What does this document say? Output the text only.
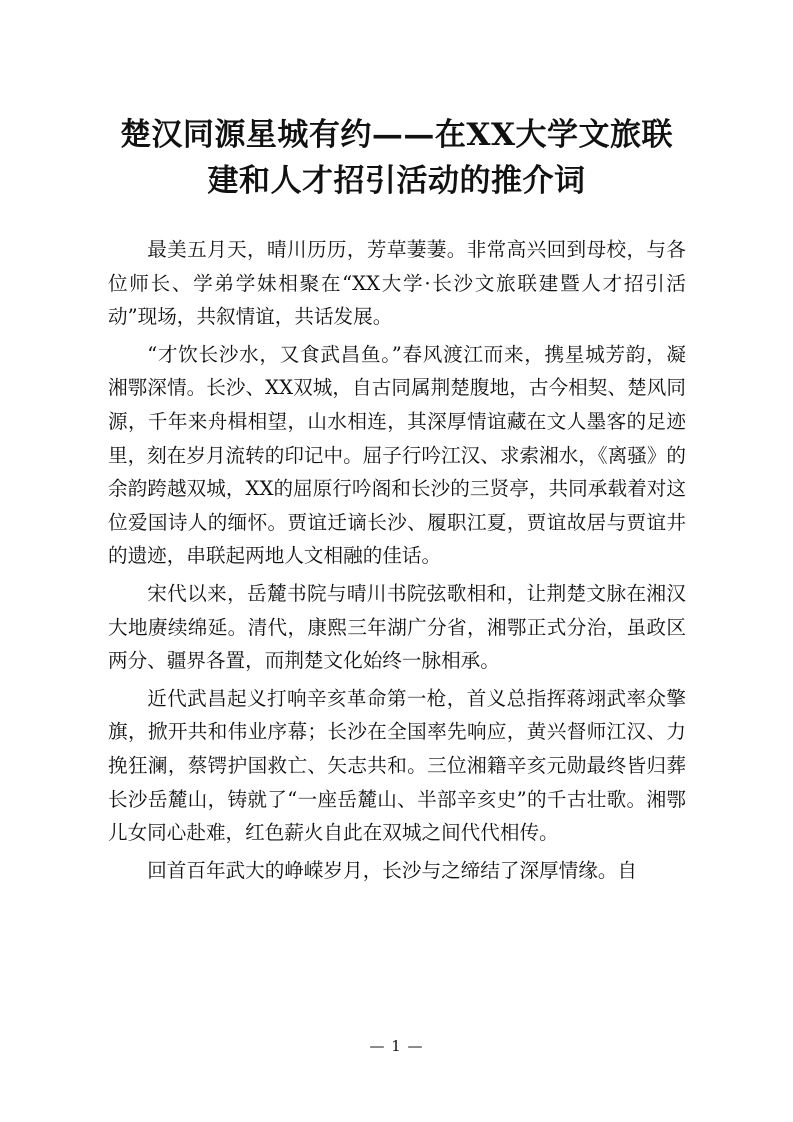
楚汉同源星城有约——在XX大学文旅联
建和人才招引活动的推介词

最美五月天，晴川历历，芳草萋萋。非常高兴回到母校，与各位师长、学弟学妹相聚在“XX大学·长沙文旅联建暨人才招引活动”现场，共叙情谊，共话发展。

“才饮长沙水，又食武昌鱼。”春风渡江而来，携星城芳韵，凝湘鄂深情。长沙、XX双城，自古同属荆楚腹地，古今相契、楚风同源，千年来舟楫相望，山水相连，其深厚情谊藏在文人墨客的足迹里，刻在岁月流转的印记中。屈子行吟江汉、求索湘水，《离骚》的余韵跨越双城，XX的屈原行吟阁和长沙的三贤亭，共同承载着对这位爱国诗人的缅怀。贾谊迁谪长沙、履职江夏，贾谊故居与贾谊井的遗迹，串联起两地人文相融的佳话。

宋代以来，岳麓书院与晴川书院弦歌相和，让荆楚文脉在湘汉大地赓续绵延。清代，康熙三年湖广分省，湘鄂正式分治，虽政区两分、疆界各置，而荆楚文化始终一脉相承。

近代武昌起义打响辛亥革命第一枪，首义总指挥蒋翊武率众擎旗，掀开共和伟业序幕；长沙在全国率先响应，黄兴督师江汉、力挽狂澜，蔡锷护国救亡、矢志共和。三位湘籍辛亥元勋最终皆归葬长沙岳麓山，铸就了“一座岳麓山、半部辛亥史”的千古壮歌。湘鄂儿女同心赴难，红色薪火自此在双城之间代代相传。

回首百年武大的峥嵘岁月，长沙与之缔结了深厚情缘。自

— 1 —
